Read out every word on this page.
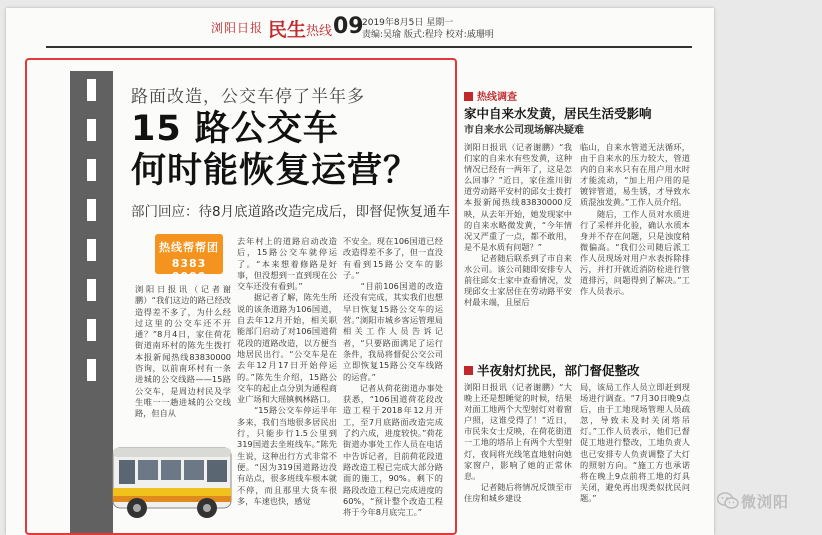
浏阳日报 民生 热线 09
2019年8月5日 星期一
责编:吴瑜 版式:程玲 校对:戚珊明
路面改造，公交车停了半年多
15 路公交车
何时能恢复运营？
部门回应：待8月底道路改造完成后，即督促恢复通车
热线帮帮团
8383 0000
浏阳日报讯（记者谢鹏）“我们这边的路已经改造得差不多了，为什么经过这里的公交车还不开通？”8月4日，家住荷花街道南环村的陈先生拨打本报新闻热线83830000咨询，以前南环村有一条进城的公交线路——15路公交车，是周边村民及学生唯一一趟进城的公交线路，但自从
去年村上的道路启动改造后，15路公交车就停运了。“本来想着修路是好事，但没想到一直到现在公交车还没有看到。”
　　据记者了解，陈先生所说的该条道路为106国道，自去年12月开始，相关职能部门启动了对106国道荷花段的道路改造，以方便当地居民出行。“公交车是在去年12月17日开始停运的。”陈先生介绍，15路公交车的起止点分别为通程商业广场和大瑶镇枫林路口。
　　“15路公交车停运半年多来，我们当地很多居民出行，只能步行1.5公里到319国道去坐班线车。”陈先生说，这种出行方式非常不便。“因为319国道路边没有站点，很多班线车根本就不停，而且那里大货车很多，车速也快，感觉
不安全。现在106国道已经改造得差不多了，但一直没有看到15路公交车的影子。”
　　“目前106国道的改造还没有完成，其实我们也想早日恢复15路公交车的运营。”浏阳市城乡客运管理局相关工作人员告诉记者，“只要路面满足了运行条件，我局将督促公交公司立即恢复15路公交车线路的运营。”
　　记者从荷花街道办事处获悉，“106国道荷花段改造工程于2018年12月开工，至7月底路面改造完成了约六成，进度较快。”荷花街道办事处工作人员在电话中告诉记者，目前荷花段道路改造工程已完成大部分路面的施工，90%。剩下的路段改造工程已完成进度的60%，“预计整个改造工程将于今年8月底完工。”
热线调查
家中自来水发黄，居民生活受影响
市自来水公司现场解决疑难
浏阳日报讯（记者谢鹏）“我们家的自来水有些发黄，这种情况已经有一两年了，这是怎么回事？”近日，家住淮川街道劳动路平安村的邱女士拨打本报新闻热线83830000反映，从去年开始，她发现家中的自来水略微发黄，“今年情况又严重了一点，都不敢用，是不是水质有问题？”
　　记者随后联系到了市自来水公司。该公司随即安排专人前往邱女士家中查看情况，发现邱女士家居住在劳动路平安村最末端，且屋后
临山，自来水管道无法循环，由于自来水的压力较大，管道内的自来水只有在用户用水时才能流动，“加上用户用的是镀锌管道，易生锈，才导致水质混浊发黄。”工作人员介绍。
　　随后，工作人员对水质进行了采样并化验，确认水质本身并不存在问题，只是浊度稍微偏高。“我们公司随后派工作人员现场对用户水表拆除排污，并打开就近消防栓进行管道排污，问题得到了解决。”工作人员表示。
半夜射灯扰民，部门督促整改
浏阳日报讯（记者谢鹏）“大晚上还是想睡觉的时候，结果对面工地两个大型射灯对着窗户照，这谁受得了！”近日，市民朱女士反映，在荷花街道一工地的塔吊上有两个大型射灯，夜间将光线笔直地射向她家窗户，影响了她的正常休息。
　　记者随后将情况反馈至市住房和城乡建设
局，该局工作人员立即赶到现场进行调查。“7月30日晚9点后，由于工地现场管理人员疏忽，导致未及时关闭塔吊灯。”工作人员表示，他们已督促工地进行整改，工地负责人也已安排专人负责调整了大灯的照射方向。“施工方也承诺将在晚上9点前将工地的灯具关闭，避免再出现类似扰民问题。”	微浏阳
